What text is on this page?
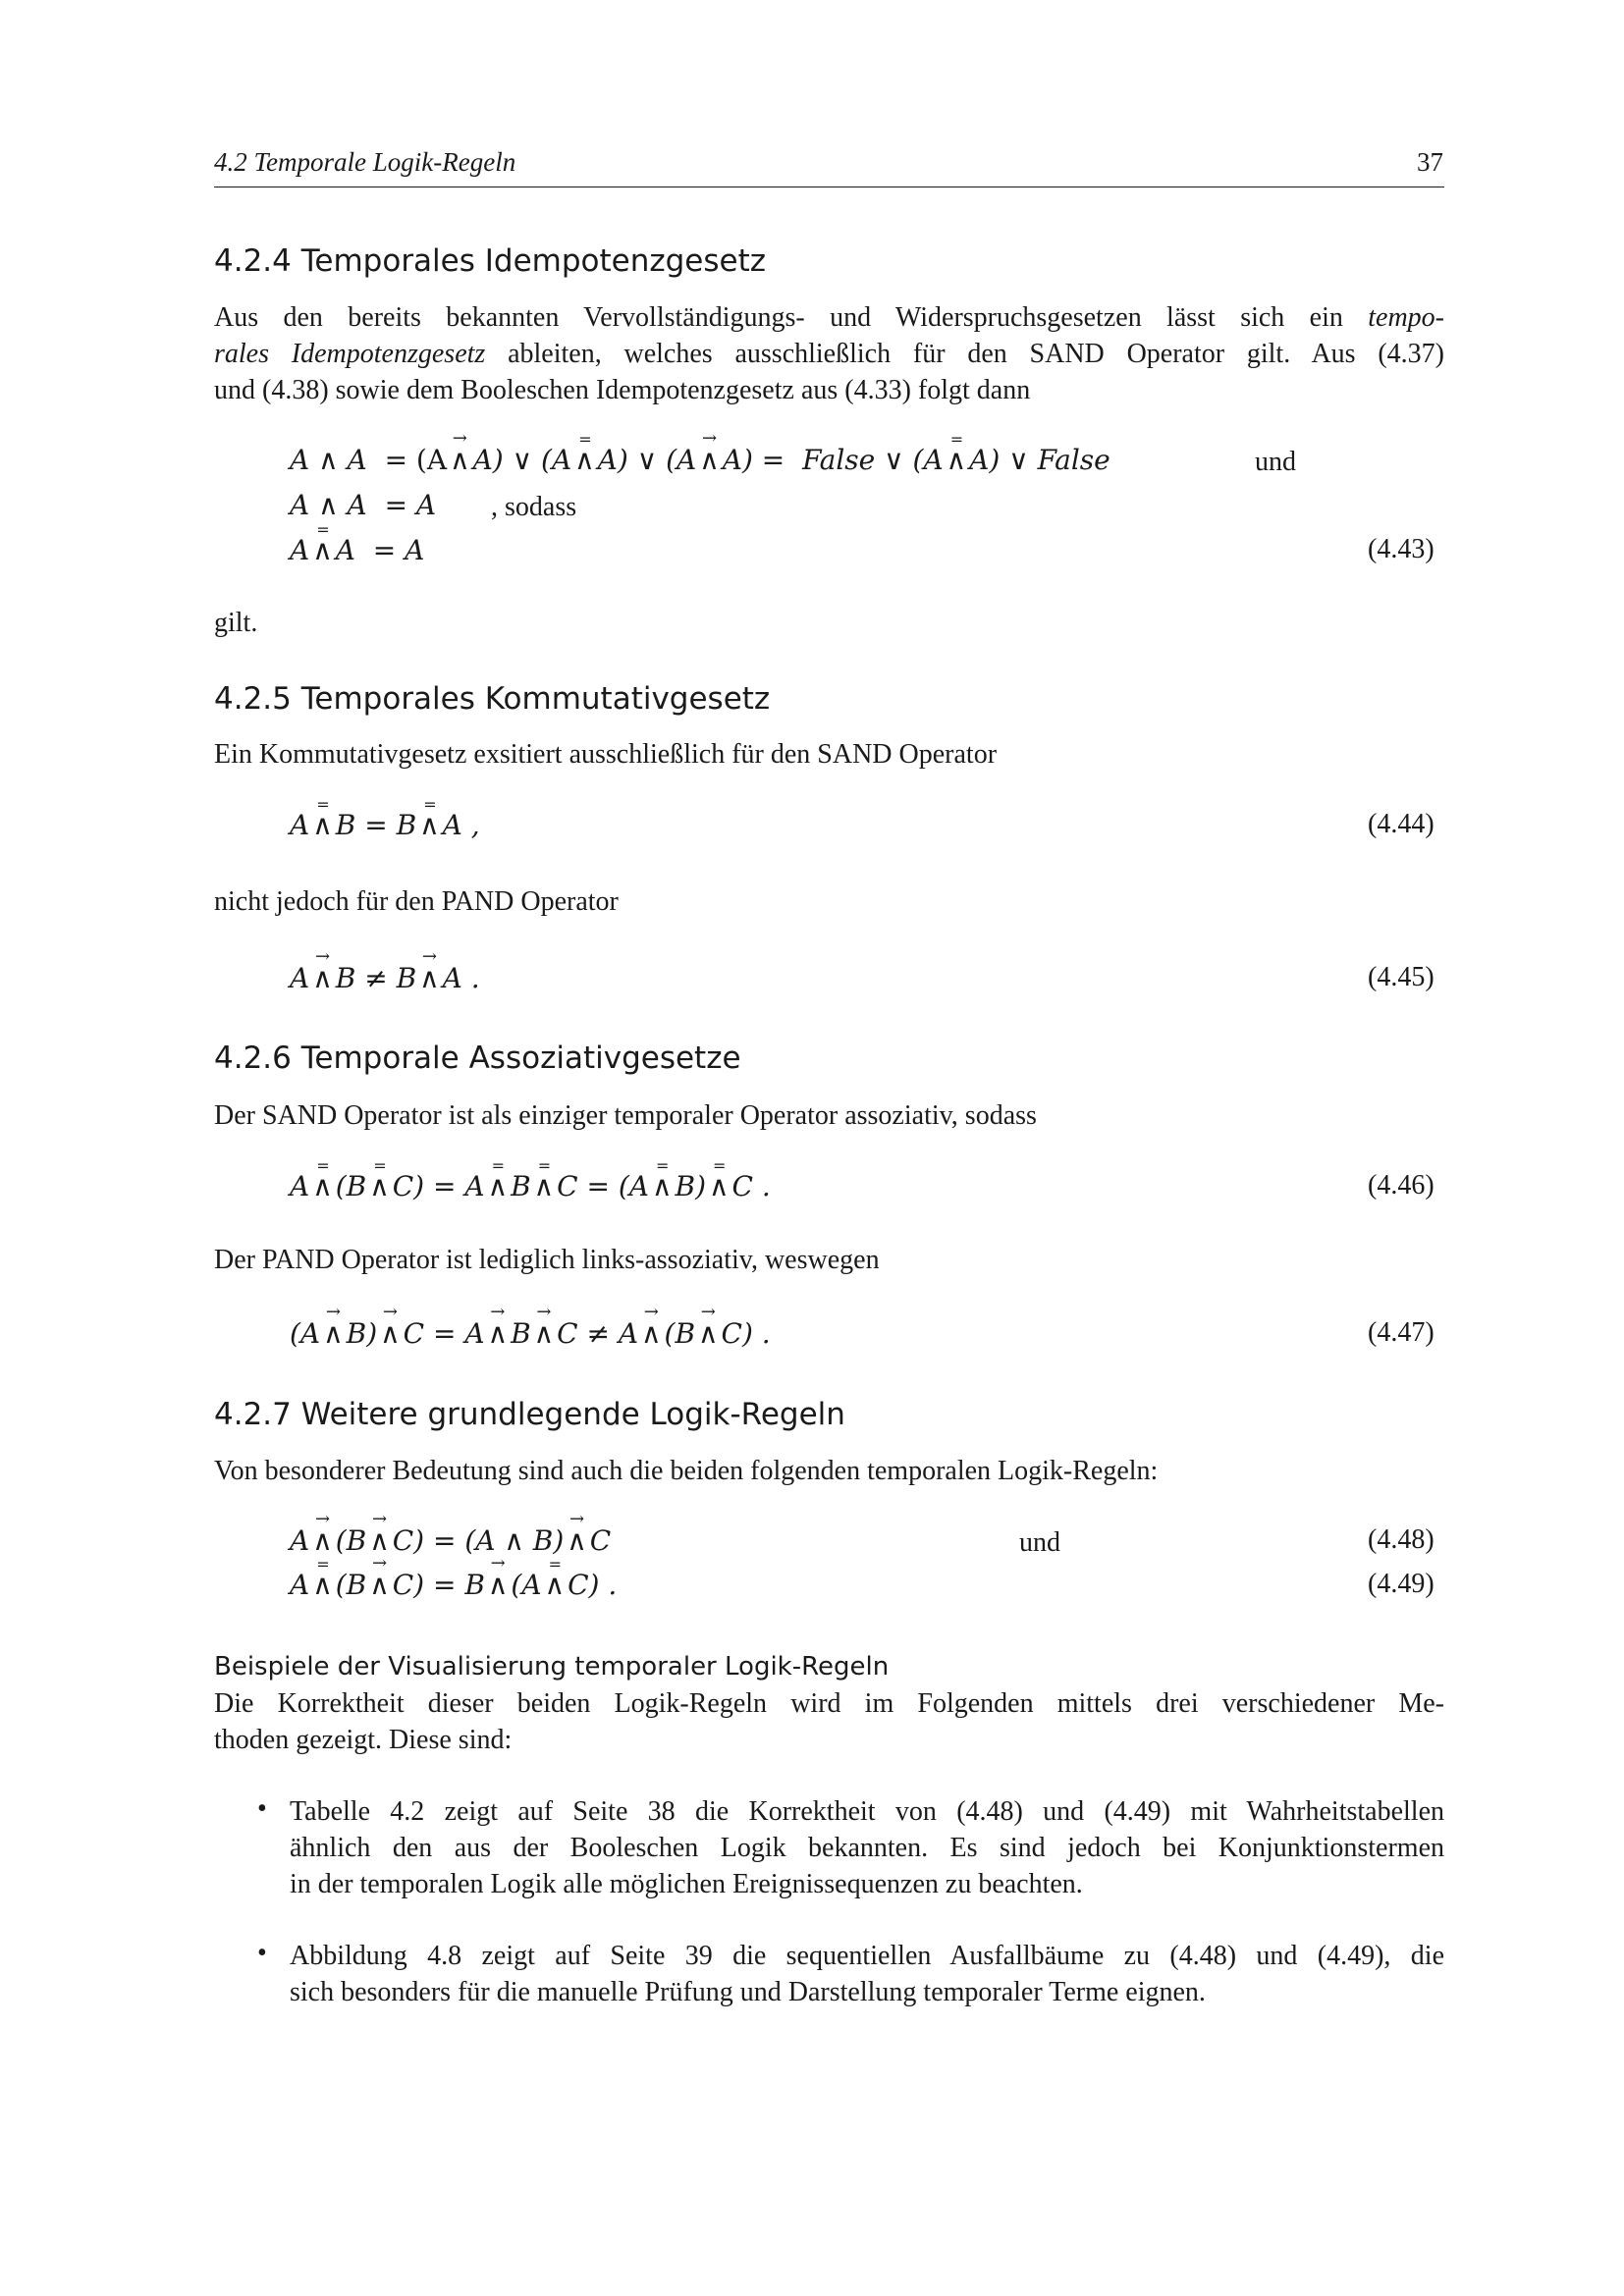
4.2 Temporale Logik-Regeln	37
4.2.4 Temporales Idempotenzgesetz
Aus den bereits bekannten Vervollständigungs- und Widerspruchsgesetzen lässt sich ein tempo-
rales Idempotenzgesetz ableiten, welches ausschließlich für den SAND Operator gilt. Aus (4.37)
und (4.38) sowie dem Booleschen Idempotenzgesetz aus (4.33) folgt dann
A ∧ A = (A → ∧ A) ∨ (A = ∧ A) ∨ (A → ∧ A) = False ∨ (A = ∧ A) ∨ False	und
A ∧ A = A , sodass
A = ∧ A = A	(4.43)
gilt.
4.2.5 Temporales Kommutativgesetz
Ein Kommutativgesetz exsitiert ausschließlich für den SAND Operator
A = ∧ B = B = ∧ A ,	(4.44)
nicht jedoch für den PAND Operator
A → ∧ B ≠ B → ∧ A .	(4.45)
4.2.6 Temporale Assoziativgesetze
Der SAND Operator ist als einziger temporaler Operator assoziativ, sodass
A = ∧ (B = ∧ C) = A = ∧ B = ∧ C = (A = ∧ B) = ∧ C .	(4.46)
Der PAND Operator ist lediglich links-assoziativ, weswegen
(A → ∧ B) → ∧ C = A → ∧ B → ∧ C ≠ A → ∧ (B → ∧ C) .	(4.47)
4.2.7 Weitere grundlegende Logik-Regeln
Von besonderer Bedeutung sind auch die beiden folgenden temporalen Logik-Regeln:
A → ∧ (B → ∧ C) = (A ∧ B) → ∧ C	und	(4.48)
A = ∧ (B → ∧ C) = B → ∧ (A = ∧ C) .	(4.49)
Beispiele der Visualisierung temporaler Logik-Regeln
Die Korrektheit dieser beiden Logik-Regeln wird im Folgenden mittels drei verschiedener Me-
thoden gezeigt. Diese sind:
• Tabelle 4.2 zeigt auf Seite 38 die Korrektheit von (4.48) und (4.49) mit Wahrheitstabellen
ähnlich den aus der Booleschen Logik bekannten. Es sind jedoch bei Konjunktionstermen
in der temporalen Logik alle möglichen Ereignissequenzen zu beachten.
• Abbildung 4.8 zeigt auf Seite 39 die sequentiellen Ausfallbäume zu (4.48) und (4.49), die
sich besonders für die manuelle Prüfung und Darstellung temporaler Terme eignen.
